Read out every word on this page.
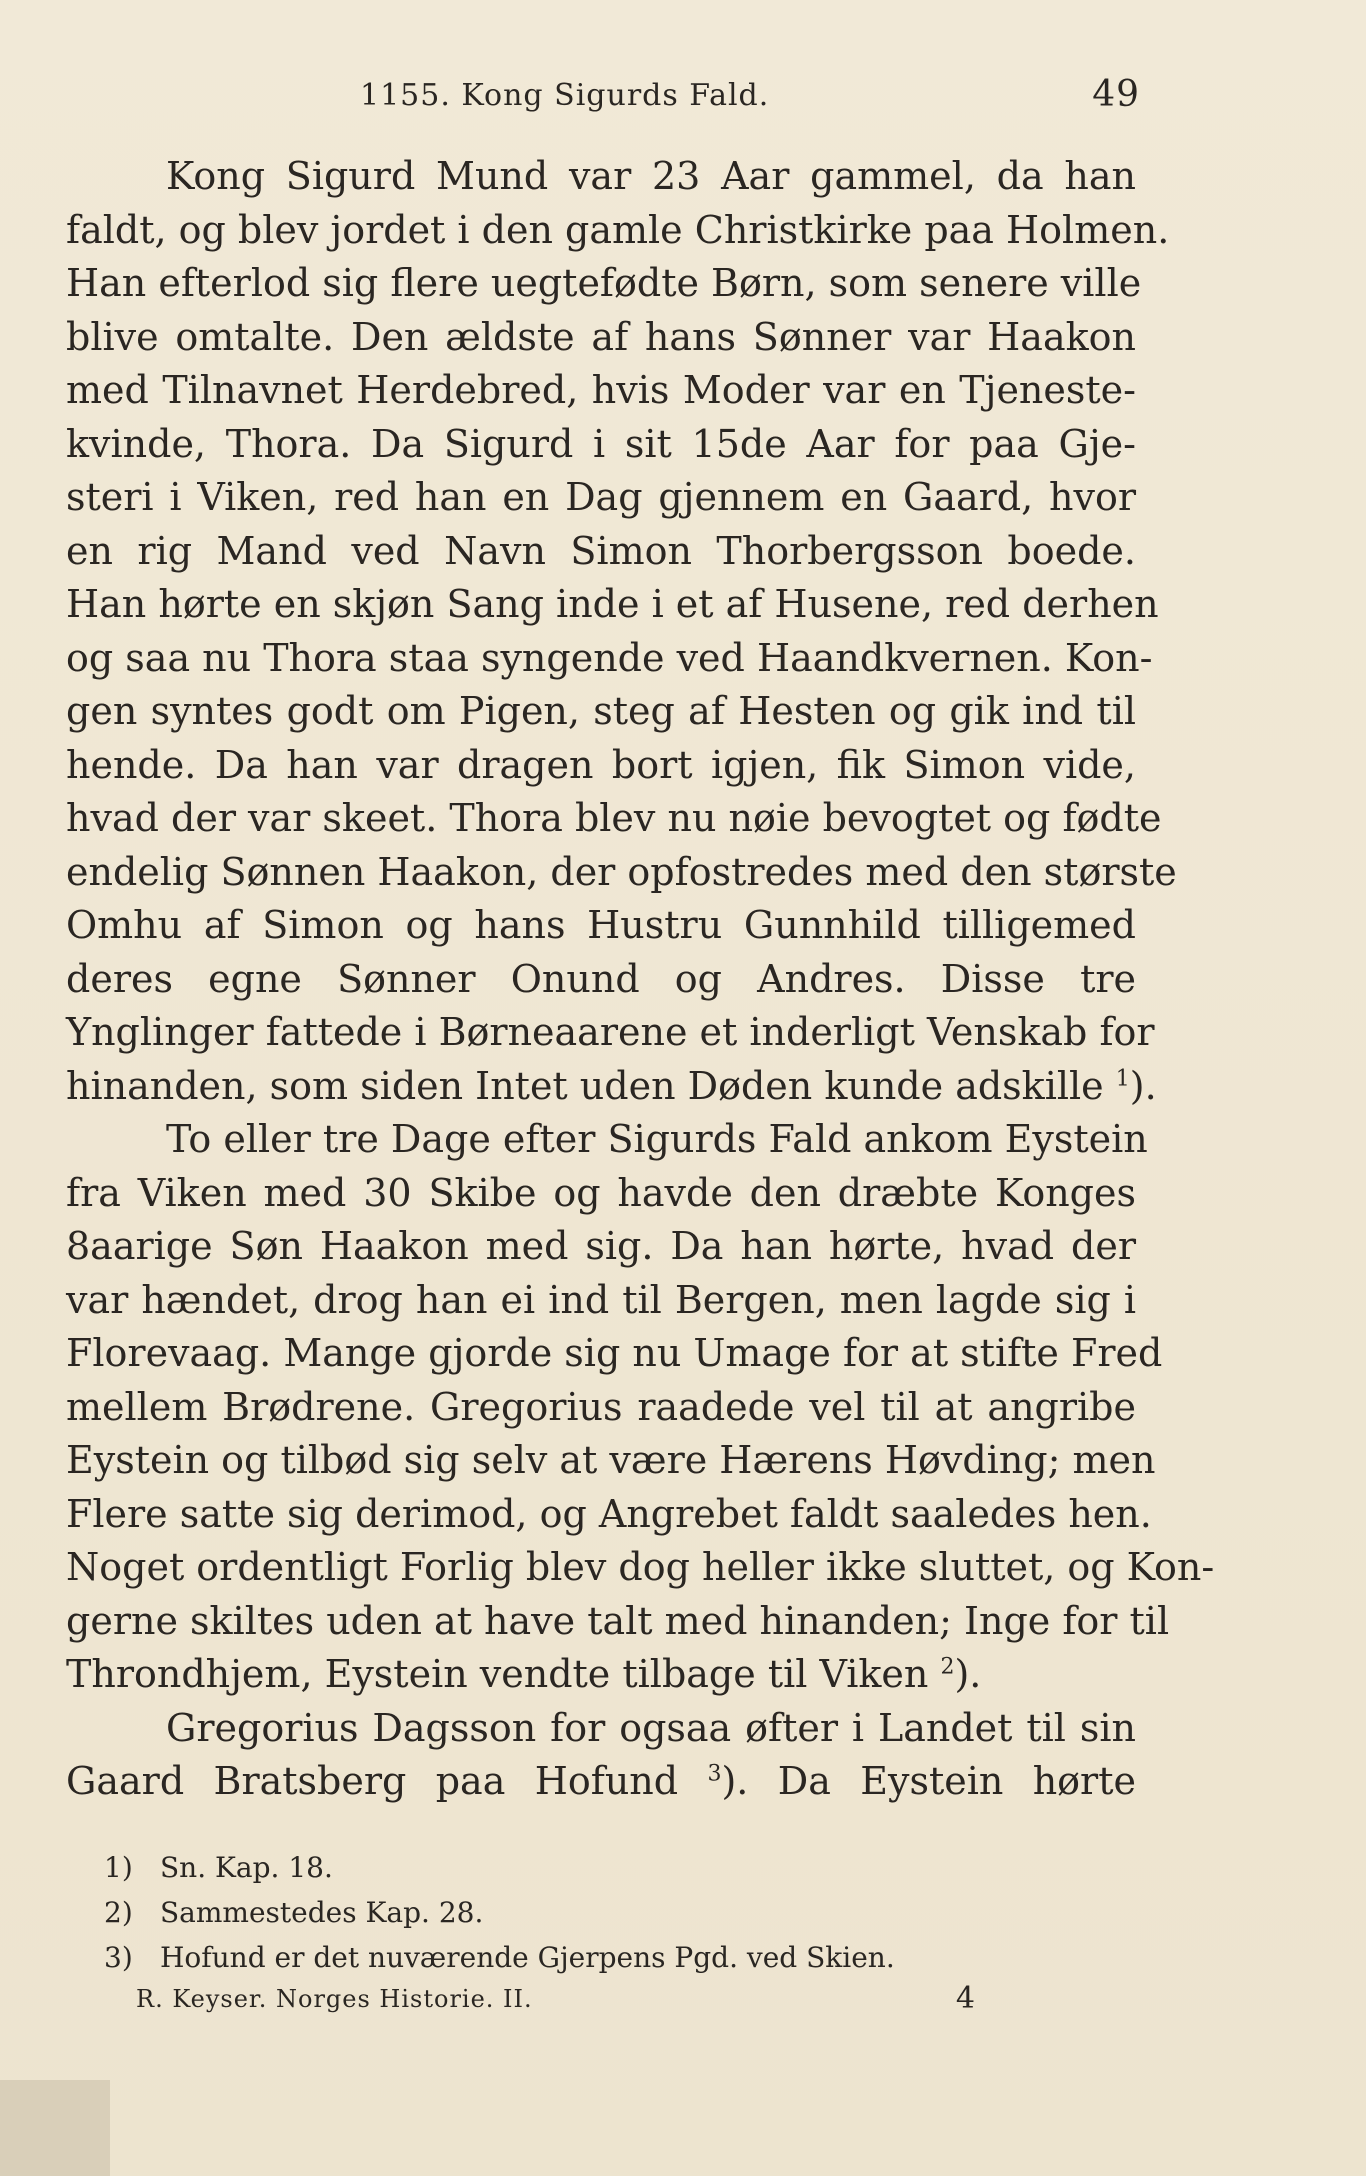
1155. Kong Sigurds Fald.	49
Kong Sigurd Mund var 23 Aar gammel, da han
faldt, og blev jordet i den gamle Christkirke paa Holmen.
Han efterlod sig flere uegtefødte Børn, som senere ville
blive omtalte. Den ældste af hans Sønner var Haakon
med Tilnavnet Herdebred, hvis Moder var en Tjeneste-
kvinde, Thora. Da Sigurd i sit 15de Aar for paa Gje-
steri i Viken, red han en Dag gjennem en Gaard, hvor
en rig Mand ved Navn Simon Thorbergsson boede.
Han hørte en skjøn Sang inde i et af Husene, red derhen
og saa nu Thora staa syngende ved Haandkvernen. Kon-
gen syntes godt om Pigen, steg af Hesten og gik ind til
hende. Da han var dragen bort igjen, fik Simon vide,
hvad der var skeet. Thora blev nu nøie bevogtet og fødte
endelig Sønnen Haakon, der opfostredes med den største
Omhu af Simon og hans Hustru Gunnhild tilligemed
deres egne Sønner Onund og Andres. Disse tre
Ynglinger fattede i Børneaarene et inderligt Venskab for
hinanden, som siden Intet uden Døden kunde adskille $^1$).
To eller tre Dage efter Sigurds Fald ankom Eystein
fra Viken med 30 Skibe og havde den dræbte Konges
8aarige Søn Haakon med sig. Da han hørte, hvad der
var hændet, drog han ei ind til Bergen, men lagde sig i
Florevaag. Mange gjorde sig nu Umage for at stifte Fred
mellem Brødrene. Gregorius raadede vel til at angribe
Eystein og tilbød sig selv at være Hærens Høvding; men
Flere satte sig derimod, og Angrebet faldt saaledes hen.
Noget ordentligt Forlig blev dog heller ikke sluttet, og Kon-
gerne skiltes uden at have talt med hinanden; Inge for til
Throndhjem, Eystein vendte tilbage til Viken $^2$).
Gregorius Dagsson for ogsaa øfter i Landet til sin
Gaard Bratsberg paa Hofund $^3$). Da Eystein hørte
1) Sn. Kap. 18.
2) Sammestedes Kap. 28.
3) Hofund er det nuværende Gjerpens Pgd. ved Skien.
R. Keyser. Norges Historie. II.	4
